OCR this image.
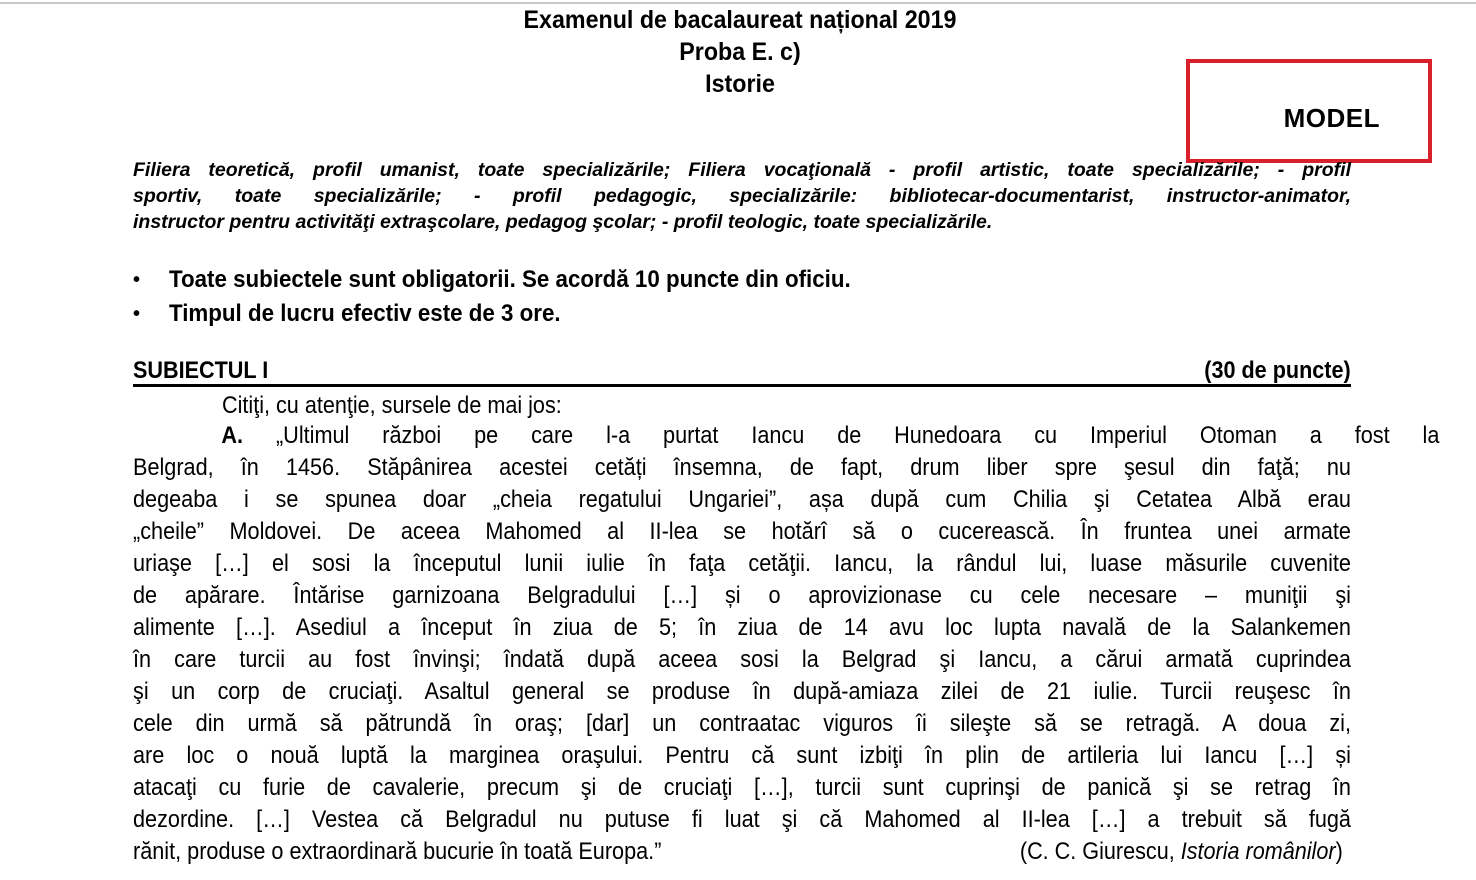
Examenul de bacalaureat național 2019
Proba E. c)
Istorie
MODEL
Filiera teoretică, profil umanist, toate specializările; Filiera vocaţională - profil artistic, toate specializările; - profil
sportiv, toate specializările; - profil pedagogic, specializările: bibliotecar-documentarist, instructor-animator,
instructor pentru activităţi extraşcolare, pedagog şcolar; - profil teologic, toate specializările.
•	Toate subiectele sunt obligatorii. Se acordă 10 puncte din oficiu.
•	Timpul de lucru efectiv este de 3 ore.
SUBIECTUL I	(30 de puncte)
Citiţi, cu atenţie, sursele de mai jos:
A. „Ultimul război pe care l-a purtat Iancu de Hunedoara cu Imperiul Otoman a fost la
Belgrad, în 1456. Stăpânirea acestei cetăți însemna, de fapt, drum liber spre şesul din faţă; nu
degeaba i se spunea doar „cheia regatului Ungariei”, așa după cum Chilia şi Cetatea Albă erau
„cheile” Moldovei. De aceea Mahomed al II-lea se hotărî să o cucerească. În fruntea unei armate
uriaşe […] el sosi la începutul lunii iulie în faţa cetăţii. Iancu, la rândul lui, luase măsurile cuvenite
de apărare. Întărise garnizoana Belgradului […] și o aprovizionase cu cele necesare – muniţii şi
alimente […]. Asediul a început în ziua de 5; în ziua de 14 avu loc lupta navală de la Salankemen
în care turcii au fost învinşi; îndată după aceea sosi la Belgrad şi Iancu, a cărui armată cuprindea
şi un corp de cruciaţi. Asaltul general se produse în după-amiaza zilei de 21 iulie. Turcii reuşesc în
cele din urmă să pătrundă în oraş; [dar] un contraatac viguros îi sileşte să se retragă. A doua zi,
are loc o nouă luptă la marginea oraşului. Pentru că sunt izbiţi în plin de artileria lui Iancu […] și
atacaţi cu furie de cavalerie, precum şi de cruciaţi […], turcii sunt cuprinşi de panică şi se retrag în
dezordine. […] Vestea că Belgradul nu putuse fi luat şi că Mahomed al II-lea […] a trebuit să fugă
rănit, produse o extraordinară bucurie în toată Europa.”	(C. C. Giurescu, Istoria românilor)
